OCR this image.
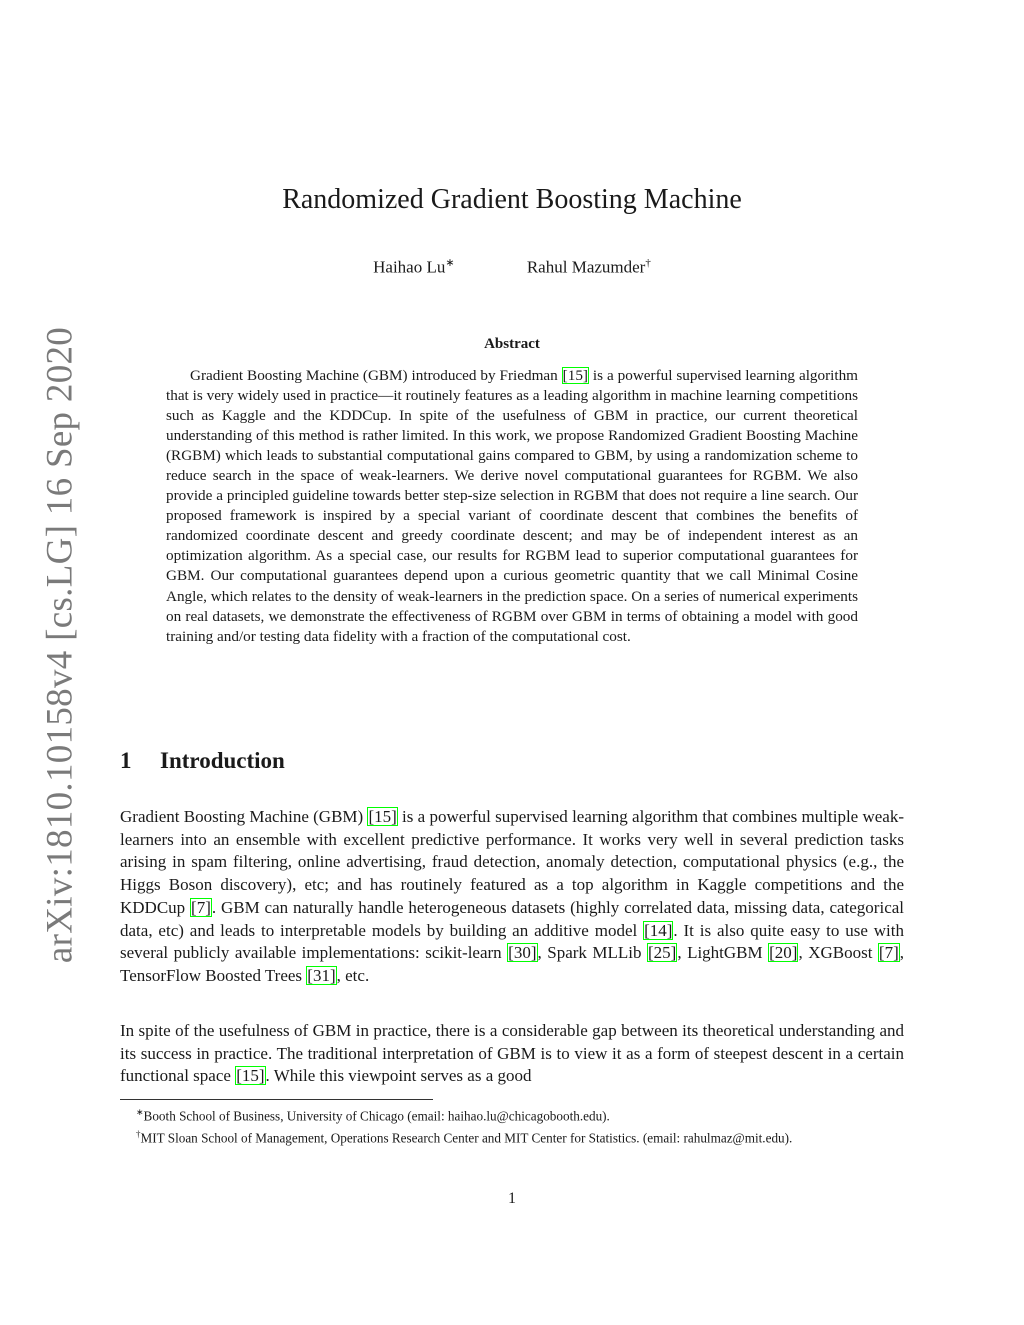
arXiv:1810.10158v4 [cs.LG] 16 Sep 2020
Randomized Gradient Boosting Machine
Haihao Lu∗	Rahul Mazumder†
Abstract
Gradient Boosting Machine (GBM) introduced by Friedman [15] is a powerful supervised learning algorithm that is very widely used in practice—it routinely features as a leading algorithm in machine learning competitions such as Kaggle and the KDDCup. In spite of the usefulness of GBM in practice, our current theoretical understanding of this method is rather limited. In this work, we propose Randomized Gradient Boosting Machine (RGBM) which leads to substantial computational gains compared to GBM, by using a randomization scheme to reduce search in the space of weak-learners. We derive novel computational guarantees for RGBM. We also provide a principled guideline towards better step-size selection in RGBM that does not require a line search. Our proposed framework is inspired by a special variant of coordinate descent that combines the benefits of randomized coordinate descent and greedy coordinate descent; and may be of independent interest as an optimization algorithm. As a special case, our results for RGBM lead to superior computational guarantees for GBM. Our computational guarantees depend upon a curious geometric quantity that we call Minimal Cosine Angle, which relates to the density of weak-learners in the prediction space. On a series of numerical experiments on real datasets, we demonstrate the effectiveness of RGBM over GBM in terms of obtaining a model with good training and/or testing data fidelity with a fraction of the computational cost.
1 Introduction
Gradient Boosting Machine (GBM) [15] is a powerful supervised learning algorithm that combines multiple weak-learners into an ensemble with excellent predictive performance. It works very well in several prediction tasks arising in spam filtering, online advertising, fraud detection, anomaly detection, computational physics (e.g., the Higgs Boson discovery), etc; and has routinely featured as a top algorithm in Kaggle competitions and the KDDCup [7]. GBM can naturally handle heterogeneous datasets (highly correlated data, missing data, categorical data, etc) and leads to interpretable models by building an additive model [14]. It is also quite easy to use with several publicly available implementations: scikit-learn [30], Spark MLLib [25], LightGBM [20], XGBoost [7], TensorFlow Boosted Trees [31], etc.
In spite of the usefulness of GBM in practice, there is a considerable gap between its theoretical understanding and its success in practice. The traditional interpretation of GBM is to view it as a form of steepest descent in a certain functional space [15]. While this viewpoint serves as a good
∗Booth School of Business, University of Chicago (email: haihao.lu@chicagobooth.edu).
†MIT Sloan School of Management, Operations Research Center and MIT Center for Statistics. (email: rahulmaz@mit.edu).
1
